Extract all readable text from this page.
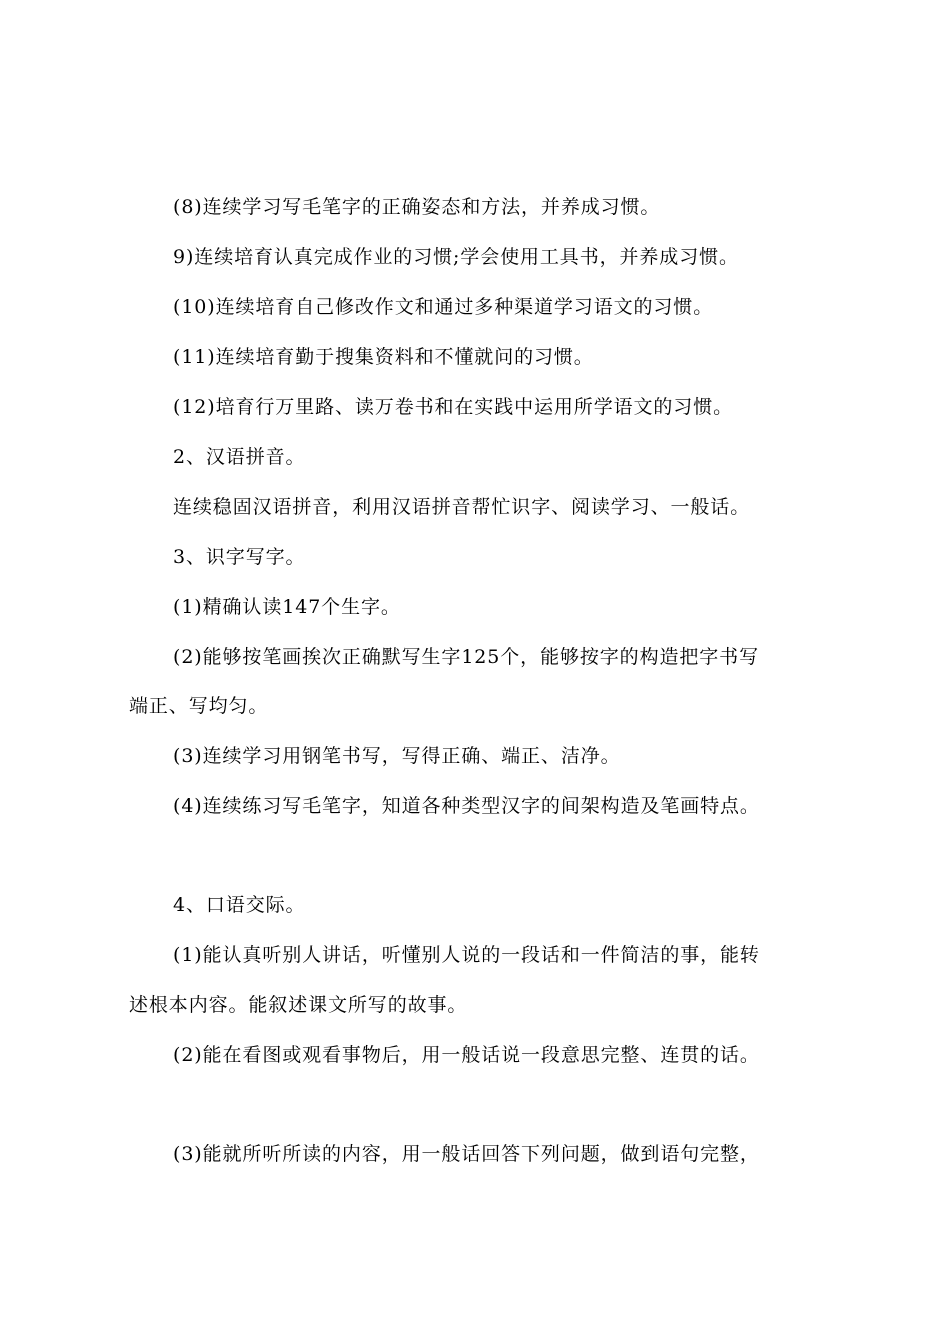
(8)连续学习写毛笔字的正确姿态和方法，并养成习惯。
9)连续培育认真完成作业的习惯;学会使用工具书，并养成习惯。
(10)连续培育自己修改作文和通过多种渠道学习语文的习惯。
(11)连续培育勤于搜集资料和不懂就问的习惯。
(12)培育行万里路、读万卷书和在实践中运用所学语文的习惯。
2、汉语拼音。
连续稳固汉语拼音，利用汉语拼音帮忙识字、阅读学习、一般话。
3、识字写字。
(1)精确认读147个生字。
(2)能够按笔画挨次正确默写生字125个，能够按字的构造把字书写
端正、写均匀。
(3)连续学习用钢笔书写，写得正确、端正、洁净。
(4)连续练习写毛笔字，知道各种类型汉字的间架构造及笔画特点。
4、口语交际。
(1)能认真听别人讲话，听懂别人说的一段话和一件简洁的事，能转
述根本内容。能叙述课文所写的故事。
(2)能在看图或观看事物后，用一般话说一段意思完整、连贯的话。
(3)能就所听所读的内容，用一般话回答下列问题，做到语句完整，
